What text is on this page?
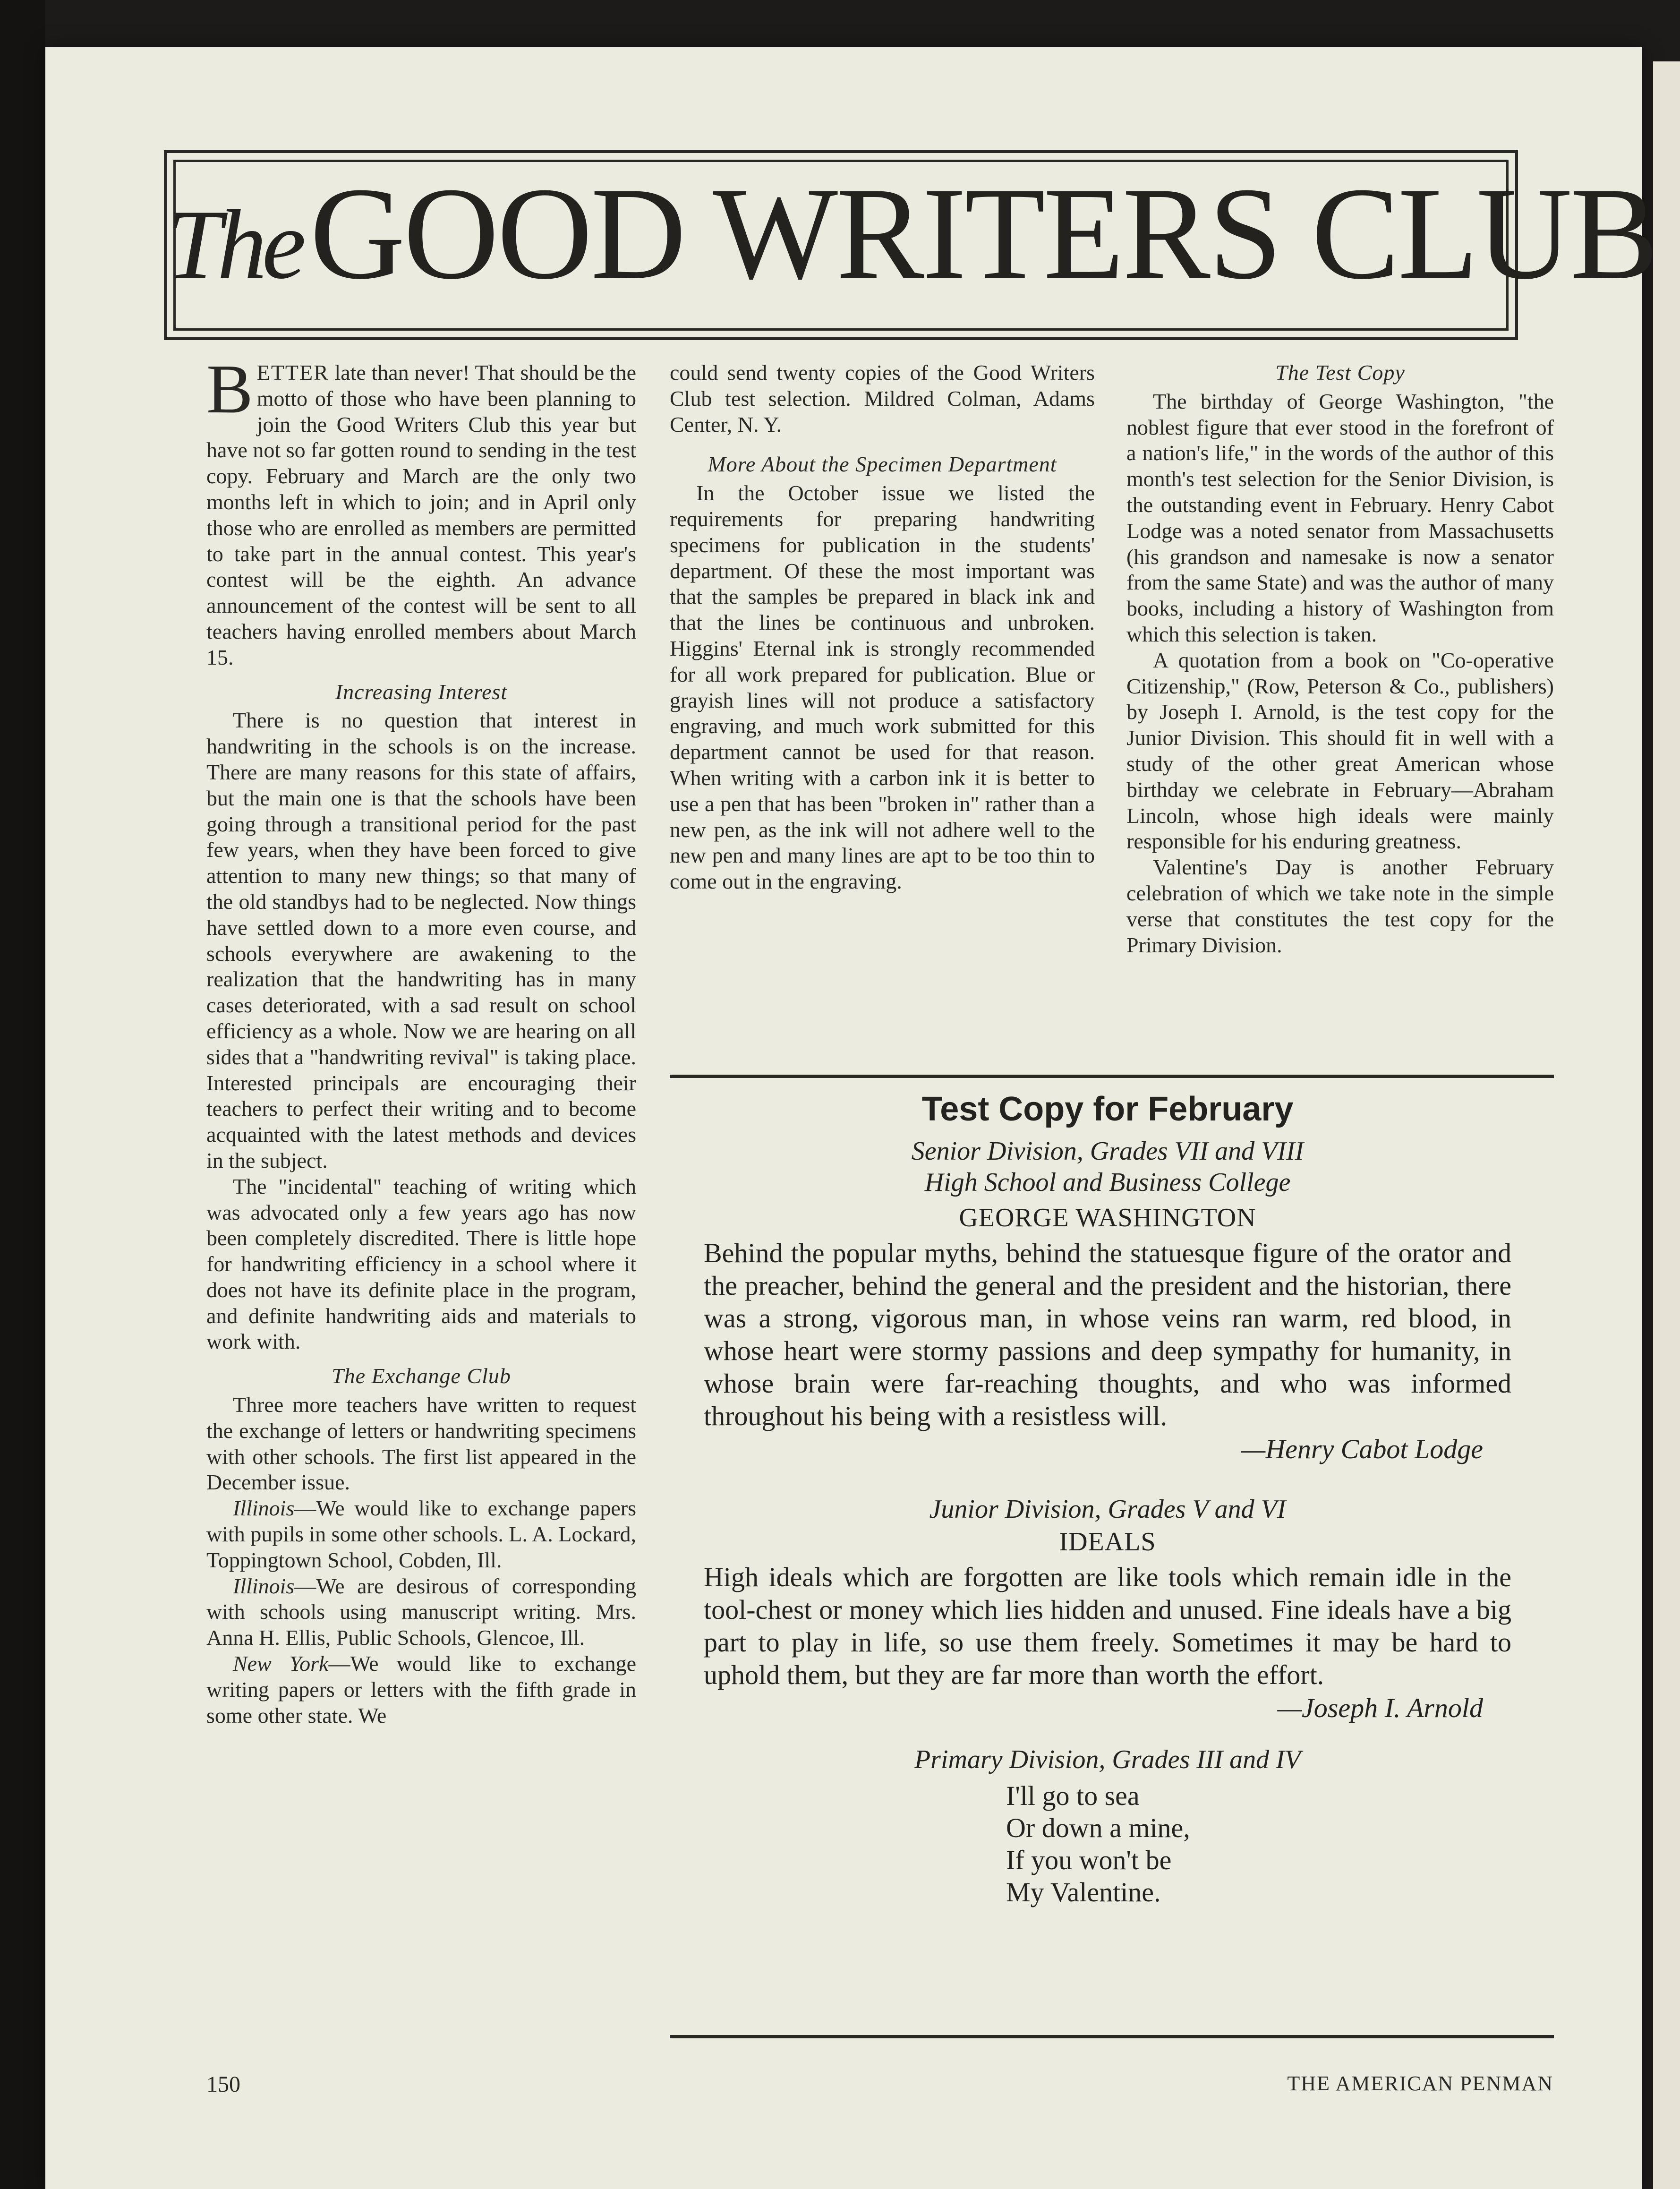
TheGOOD WRITERS CLUB

BETTER late than never! That should be the motto of those who have been planning to join the Good Writers Club this year but have not so far gotten round to sending in the test copy. February and March are the only two months left in which to join; and in April only those who are enrolled as members are permitted to take part in the annual contest. This year's contest will be the eighth. An advance announcement of the contest will be sent to all teachers having enrolled members about March 15.

Increasing Interest

There is no question that interest in handwriting in the schools is on the increase. There are many reasons for this state of affairs, but the main one is that the schools have been going through a transitional period for the past few years, when they have been forced to give attention to many new things; so that many of the old standbys had to be neglected. Now things have settled down to a more even course, and schools everywhere are awakening to the realization that the handwriting has in many cases deteriorated, with a sad result on school efficiency as a whole. Now we are hearing on all sides that a "handwriting revival" is taking place. Interested principals are encouraging their teachers to perfect their writing and to become acquainted with the latest methods and devices in the subject.

The "incidental" teaching of writing which was advocated only a few years ago has now been completely discredited. There is little hope for handwriting efficiency in a school where it does not have its definite place in the program, and definite handwriting aids and materials to work with.

The Exchange Club

Three more teachers have written to request the exchange of letters or handwriting specimens with other schools. The first list appeared in the December issue.

Illinois—We would like to exchange papers with pupils in some other schools. L. A. Lockard, Toppingtown School, Cobden, Ill.

Illinois—We are desirous of corresponding with schools using manuscript writing. Mrs. Anna H. Ellis, Public Schools, Glencoe, Ill.

New York—We would like to exchange writing papers or letters with the fifth grade in some other state. We

could send twenty copies of the Good Writers Club test selection. Mildred Colman, Adams Center, N. Y.

More About the Specimen Department

In the October issue we listed the requirements for preparing handwriting specimens for publication in the students' department. Of these the most important was that the samples be prepared in black ink and that the lines be continuous and unbroken. Higgins' Eternal ink is strongly recommended for all work prepared for publication. Blue or grayish lines will not produce a satisfactory engraving, and much work submitted for this department cannot be used for that reason. When writing with a carbon ink it is better to use a pen that has been "broken in" rather than a new pen, as the ink will not adhere well to the new pen and many lines are apt to be too thin to come out in the engraving.

The Test Copy

The birthday of George Washington, "the noblest figure that ever stood in the forefront of a nation's life," in the words of the author of this month's test selection for the Senior Division, is the outstanding event in February. Henry Cabot Lodge was a noted senator from Massachusetts (his grandson and namesake is now a senator from the same State) and was the author of many books, including a history of Washington from which this selection is taken.

A quotation from a book on "Co-operative Citizenship," (Row, Peterson & Co., publishers) by Joseph I. Arnold, is the test copy for the Junior Division. This should fit in well with a study of the other great American whose birthday we celebrate in February—Abraham Lincoln, whose high ideals were mainly responsible for his enduring greatness.

Valentine's Day is another February celebration of which we take note in the simple verse that constitutes the test copy for the Primary Division.

Test Copy for February
Senior Division, Grades VII and VIII
High School and Business College
GEORGE WASHINGTON
Behind the popular myths, behind the statuesque figure of the orator and the preacher, behind the general and the president and the historian, there was a strong, vigorous man, in whose veins ran warm, red blood, in whose heart were stormy passions and deep sympathy for humanity, in whose brain were far-reaching thoughts, and who was informed throughout his being with a resistless will.
—Henry Cabot Lodge
Junior Division, Grades V and VI
IDEALS
High ideals which are forgotten are like tools which remain idle in the tool-chest or money which lies hidden and unused. Fine ideals have a big part to play in life, so use them freely. Sometimes it may be hard to uphold them, but they are far more than worth the effort.
—Joseph I. Arnold
Primary Division, Grades III and IV
I'll go to sea
Or down a mine,
If you won't be
My Valentine.
150	THE AMERICAN PENMAN
